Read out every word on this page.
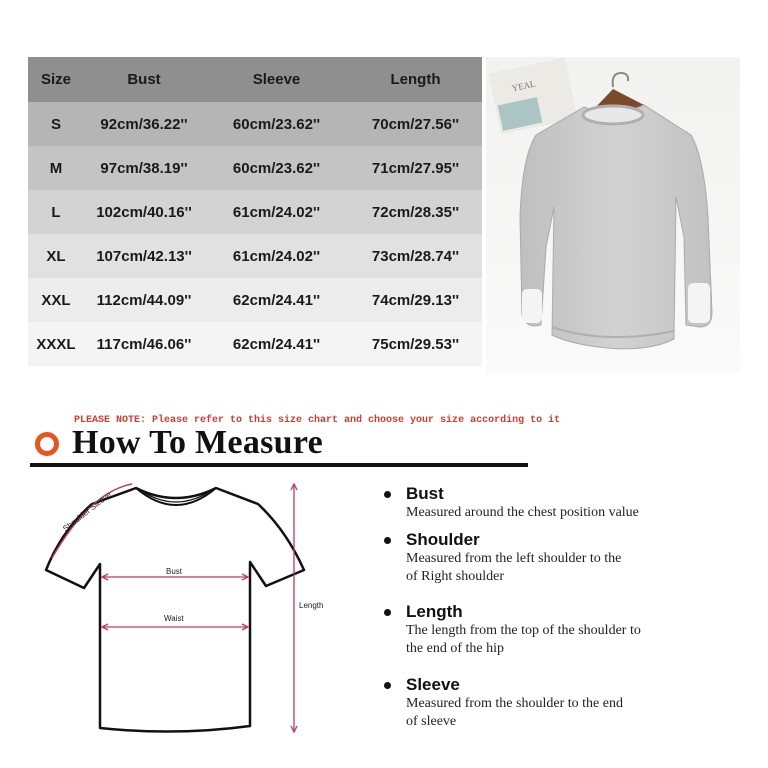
Size	Bust	Sleeve	Length
S	92cm/36.22''	60cm/23.62''	70cm/27.56''
M	97cm/38.19''	60cm/23.62''	71cm/27.95''
L	102cm/40.16''	61cm/24.02''	72cm/28.35''
XL	107cm/42.13''	61cm/24.02''	73cm/28.74''
XXL	112cm/44.09''	62cm/24.41''	74cm/29.13''
XXXL	117cm/46.06''	62cm/24.41''	75cm/29.53''
YEAL
PLEASE NOTE: Please refer to this size chart and choose your size according to it
How To Measure
Shoulder Sleeve
Bust
Waist
Length
Bust
Measured around the chest position value
Shoulder
Measured from the left shoulder to the
of Right shoulder
Length
The length from the top of the shoulder to
the end of the hip
Sleeve
Measured from the shoulder to the end
of sleeve
